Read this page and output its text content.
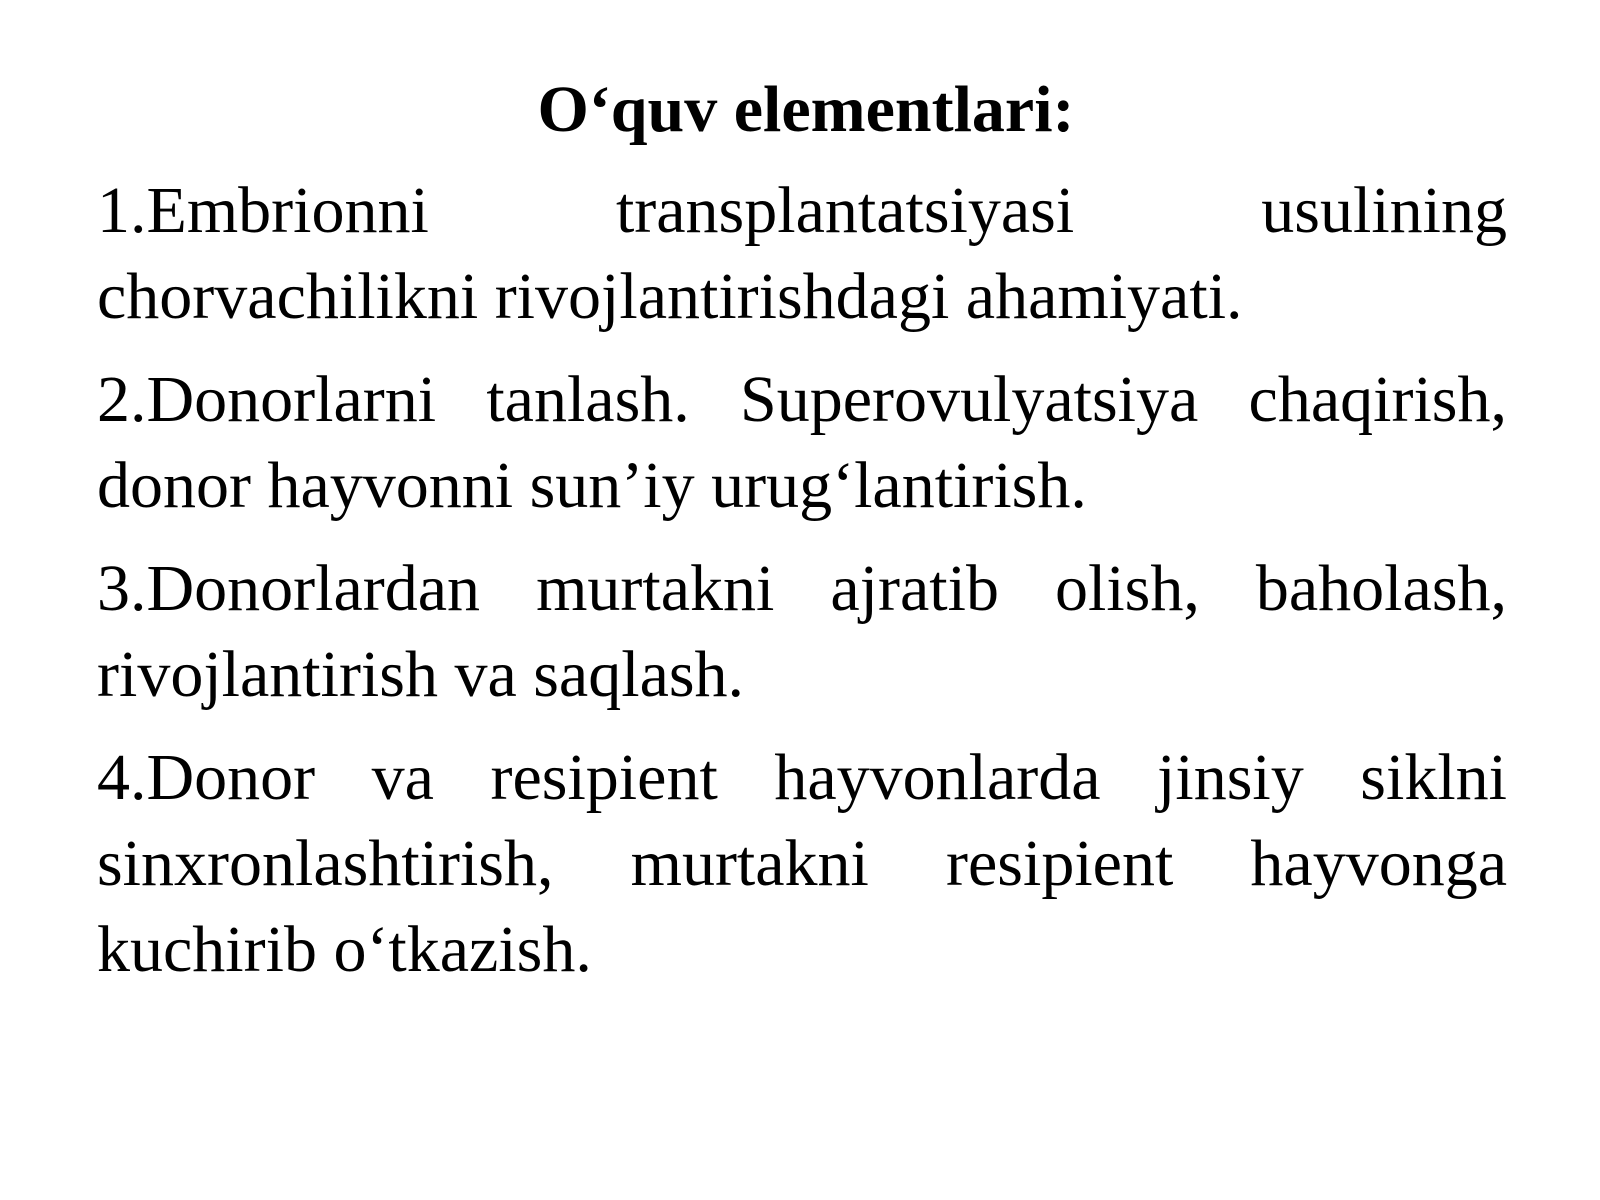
O‘quv elementlari:
1.Embrionni transplantatsiyasi usulining chorvachilikni rivojlantirishdagi ahamiyati.
2.Donorlarni tanlash. Superovulyatsiya chaqirish, donor hayvonni sun’iy urug‘lantirish.
3.Donorlardan murtakni ajratib olish, baholash, rivojlantirish va saqlash.
4.Donor va resipient hayvonlarda jinsiy siklni sinxronlashtirish, murtakni resipient hayvonga kuchirib o‘tkazish.
